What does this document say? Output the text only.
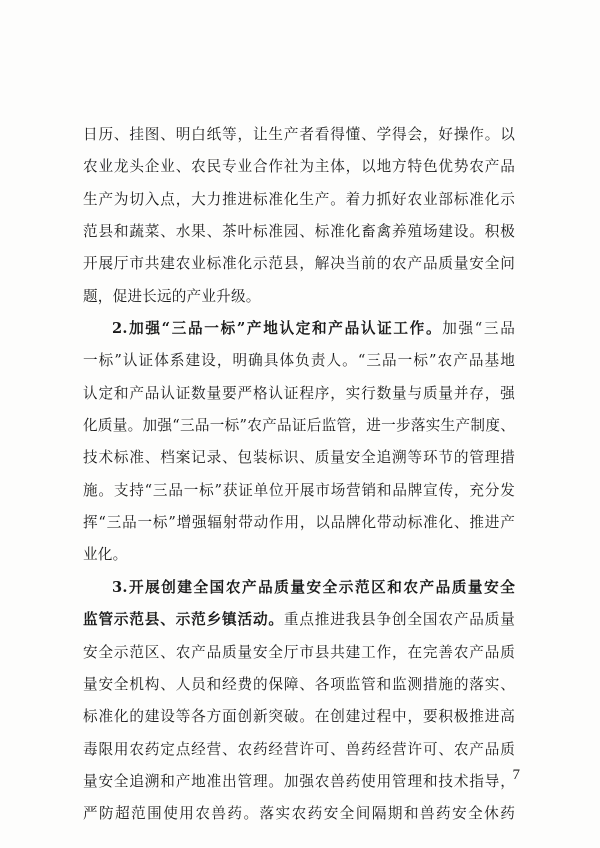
日历、挂图、明白纸等，让生产者看得懂、学得会，好操作。以
农业龙头企业、农民专业合作社为主体，以地方特色优势农产品
生产为切入点，大力推进标准化生产。着力抓好农业部标准化示
范县和蔬菜、水果、茶叶标准园、标准化畜禽养殖场建设。积极
开展厅市共建农业标准化示范县，解决当前的农产品质量安全问
题，促进长远的产业升级。
2.加强“三品一标”产地认定和产品认证工作。加强“三品
一标”认证体系建设，明确具体负责人。“三品一标”农产品基地
认定和产品认证数量要严格认证程序，实行数量与质量并存，强
化质量。加强“三品一标”农产品证后监管，进一步落实生产制度、
技术标准、档案记录、包装标识、质量安全追溯等环节的管理措
施。支持“三品一标”获证单位开展市场营销和品牌宣传，充分发
挥“三品一标”增强辐射带动作用，以品牌化带动标准化、推进产
业化。
3.开展创建全国农产品质量安全示范区和农产品质量安全
监管示范县、示范乡镇活动。重点推进我县争创全国农产品质量
安全示范区、农产品质量安全厅市县共建工作，在完善农产品质
量安全机构、人员和经费的保障、各项监管和监测措施的落实、
标准化的建设等各方面创新突破。在创建过程中，要积极推进高
毒限用农药定点经营、农药经营许可、兽药经营许可、农产品质
量安全追溯和产地准出管理。加强农兽药使用管理和技术指导，
严防超范围使用农兽药。落实农药安全间隔期和兽药安全休药
7
